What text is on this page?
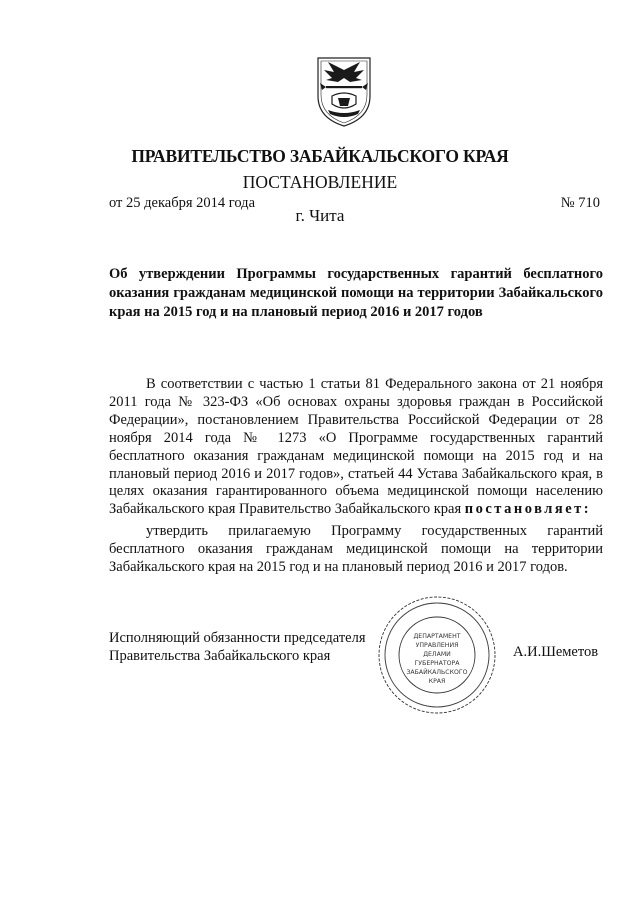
ПРАВИТЕЛЬСТВО ЗАБАЙКАЛЬСКОГО КРАЯ
ПОСТАНОВЛЕНИЕ
от 25 декабря 2014 года	№ 710
г. Чита

Об утверждении Программы государственных гарантий бесплатного оказания гражданам медицинской помощи на территории Забайкальского края на 2015 год и на плановый период 2016 и 2017 годов

В соответствии с частью 1 статьи 81 Федерального закона от 21 ноября 2011 года № 323-ФЗ «Об основах охраны здоровья граждан в Российской Федерации», постановлением Правительства Российской Федерации от 28 ноября 2014 года № 1273 «О Программе государственных гарантий бесплатного оказания гражданам медицинской помощи на 2015 год и на плановый период 2016 и 2017 годов», статьей 44 Устава Забайкальского края, в целях оказания гарантированного объема медицинской помощи населению Забайкальского края Правительство Забайкальского края постановляет:

утвердить прилагаемую Программу государственных гарантий бесплатного оказания гражданам медицинской помощи на территории Забайкальского края на 2015 год и на плановый период 2016 и 2017 годов.

Исполняющий обязанности председателя
Правительства Забайкальского края
ДЕПАРТАМЕНТ
УПРАВЛЕНИЯ
ДЕЛАМИ
ГУБЕРНАТОРА
ЗАБАЙКАЛЬСКОГО
КРАЯ
А.И.Шеметов
